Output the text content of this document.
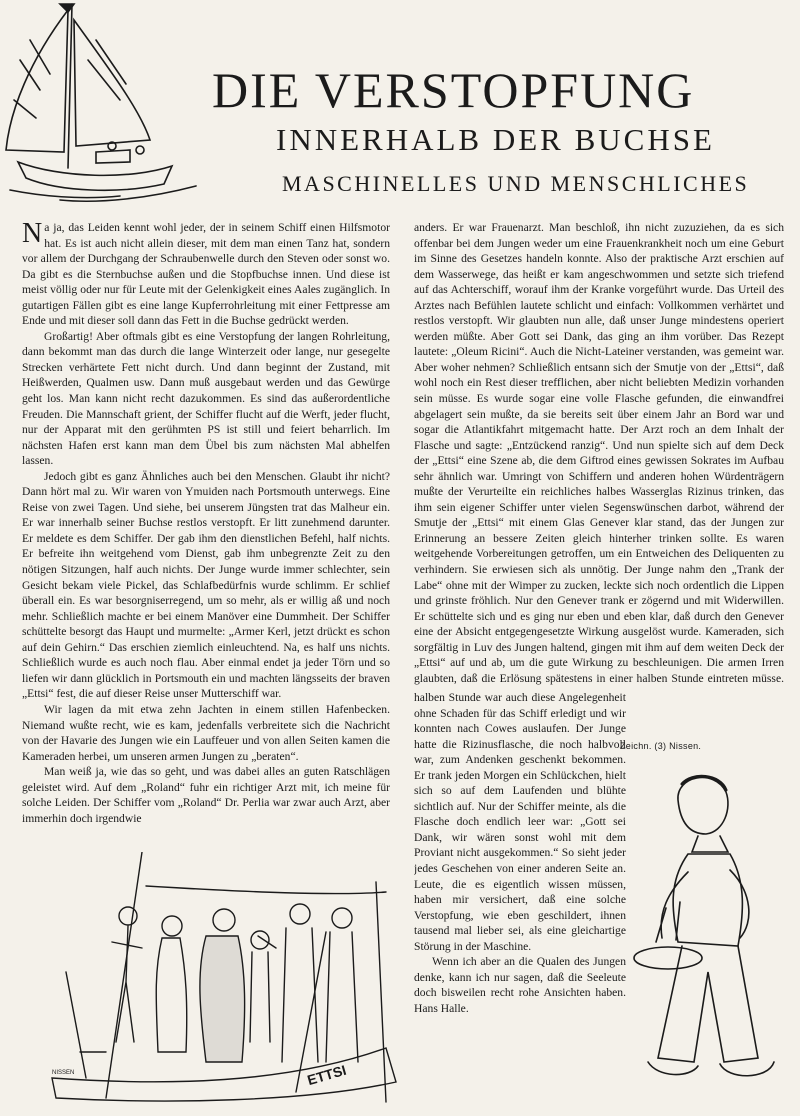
DIE VERSTOPFUNG
INNERHALB DER BUCHSE
MASCHINELLES UND MENSCHLICHES

Na ja, das Leiden kennt wohl jeder, der in seinem Schiff einen Hilfsmotor hat. Es ist auch nicht allein dieser, mit dem man einen Tanz hat, sondern vor allem der Durchgang der Schraubenwelle durch den Steven oder sonst wo. Da gibt es die Sternbuchse außen und die Stopfbuchse innen. Und diese ist meist völlig oder nur für Leute mit der Gelenkigkeit eines Aales zugänglich. In gutartigen Fällen gibt es eine lange Kupferrohrleitung mit einer Fettpresse am Ende und mit dieser soll dann das Fett in die Buchse gedrückt werden.

Großartig! Aber oftmals gibt es eine Verstopfung der langen Rohrleitung, dann bekommt man das durch die lange Winterzeit oder lange, nur gesegelte Strecken verhärtete Fett nicht durch. Und dann beginnt der Zustand, mit Heißwerden, Qualmen usw. Dann muß ausgebaut werden und das Gewürge geht los. Man kann nicht recht dazukommen. Es sind das außerordentliche Freuden. Die Mannschaft grient, der Schiffer flucht auf die Werft, jeder flucht, nur der Apparat mit den gerühmten PS ist still und feiert beharrlich. Im nächsten Hafen erst kann man dem Übel bis zum nächsten Mal abhelfen lassen.

Jedoch gibt es ganz Ähnliches auch bei den Menschen. Glaubt ihr nicht? Dann hört mal zu. Wir waren von Ymuiden nach Portsmouth unterwegs. Eine Reise von zwei Tagen. Und siehe, bei unserem Jüngsten trat das Malheur ein. Er war innerhalb seiner Buchse restlos verstopft. Er litt zunehmend darunter. Er meldete es dem Schiffer. Der gab ihm den dienstlichen Befehl, half nichts. Er befreite ihn weitgehend vom Dienst, gab ihm unbegrenzte Zeit zu den nötigen Sitzungen, half auch nichts. Der Junge wurde immer schlechter, sein Gesicht bekam viele Pickel, das Schlafbedürfnis wurde schlimm. Er schlief überall ein. Es war besorgniserregend, um so mehr, als er willig aß und noch mehr. Schließlich machte er bei einem Manöver eine Dummheit. Der Schiffer schüttelte besorgt das Haupt und murmelte: „Armer Kerl, jetzt drückt es schon auf dein Gehirn.“ Das erschien ziemlich einleuchtend. Na, es half uns nichts. Schließlich wurde es auch noch flau. Aber einmal endet ja jeder Törn und so liefen wir dann glücklich in Portsmouth ein und machten längsseits der braven „Ettsi“ fest, die auf dieser Reise unser Mutterschiff war.

Wir lagen da mit etwa zehn Jachten in einem stillen Hafenbecken. Niemand wußte recht, wie es kam, jedenfalls verbreitete sich die Nachricht von der Havarie des Jungen wie ein Lauffeuer und von allen Seiten kamen die Kameraden herbei, um unseren armen Jungen zu „beraten“.

Man weiß ja, wie das so geht, und was dabei alles an guten Ratschlägen geleistet wird. Auf dem „Roland“ fuhr ein richtiger Arzt mit, ich meine für solche Leiden. Der Schiffer vom „Roland“ Dr. Perlia war zwar auch Arzt, aber immerhin doch irgendwie

anders. Er war Frauenarzt. Man beschloß, ihn nicht zuzuziehen, da es sich offenbar bei dem Jungen weder um eine Frauenkrankheit noch um eine Geburt im Sinne des Gesetzes handeln konnte. Also der praktische Arzt erschien auf dem Wasserwege, das heißt er kam angeschwommen und setzte sich triefend auf das Achterschiff, worauf ihm der Kranke vorgeführt wurde. Das Urteil des Arztes nach Befühlen lautete schlicht und einfach: Vollkommen verhärtet und restlos verstopft. Wir glaubten nun alle, daß unser Junge mindestens operiert werden müßte. Aber Gott sei Dank, das ging an ihm vorüber. Das Rezept lautete: „Oleum Ricini“. Auch die Nicht-Lateiner verstanden, was gemeint war. Aber woher nehmen? Schließlich entsann sich der Smutje von der „Ettsi“, daß wohl noch ein Rest dieser trefflichen, aber nicht beliebten Medizin vorhanden sein müsse. Es wurde sogar eine volle Flasche gefunden, die einwandfrei abgelagert sein mußte, da sie bereits seit über einem Jahr an Bord war und sogar die Atlantikfahrt mitgemacht hatte. Der Arzt roch an dem Inhalt der Flasche und sagte: „Entzückend ranzig“. Und nun spielte sich auf dem Deck der „Ettsi“ eine Szene ab, die dem Giftrod eines gewissen Sokrates im Aufbau sehr ähnlich war. Umringt von Schiffern und anderen hohen Würdenträgern mußte der Verurteilte ein reichliches halbes Wasserglas Rizinus trinken, das ihm sein eigener Schiffer unter vielen Segenswünschen darbot, während der Smutje der „Ettsi“ mit einem Glas Genever klar stand, das der Jungen zur Erinnerung an bessere Zeiten gleich hinterher trinken sollte. Es waren weitgehende Vorbereitungen getroffen, um ein Entweichen des Deliquenten zu verhindern. Sie erwiesen sich als unnötig. Der Junge nahm den „Trank der Labe“ ohne mit der Wimper zu zucken, leckte sich noch ordentlich die Lippen und grinste fröhlich. Nur den Genever trank er zögernd und mit Widerwillen. Er schüttelte sich und es ging nur eben und eben klar, daß durch den Genever eine der Absicht entgegengesetzte Wirkung ausgelöst wurde. Kameraden, sich sorgfältig in Luv des Jungen haltend, gingen mit ihm auf dem weiten Deck der „Ettsi“ auf und ab, um die gute Wirkung zu beschleunigen. Die armen Irren glaubten, daß die Erlösung spätestens in einer halben Stunde eintreten müsse.

halben Stunde war auch diese Angelegenheit ohne Schaden für das Schiff erledigt und wir konnten nach Cowes auslaufen. Der Junge hatte die Rizinusflasche, die noch halbvoll war, zum Andenken geschenkt bekommen. Er trank jeden Morgen ein Schlückchen, hielt sich so auf dem Laufenden und blühte sichtlich auf. Nur der Schiffer meinte, als die Flasche doch endlich leer war: „Gott sei Dank, wir wären sonst wohl mit dem Proviant nicht ausgekommen.“ So sieht jeder jedes Geschehen von einer anderen Seite an. Leute, die es eigentlich wissen müssen, haben mir versichert, daß eine solche Verstopfung, wie eben geschildert, ihnen tausend mal lieber sei, als eine gleichartige Störung in der Maschine.

Wenn ich aber an die Qualen des Jungen denke, kann ich nur sagen, daß die Seeleute doch bisweilen recht rohe Ansichten haben. Hans Halle.

Zeichn. (3) Nissen.
NISSEN	ETTSI
